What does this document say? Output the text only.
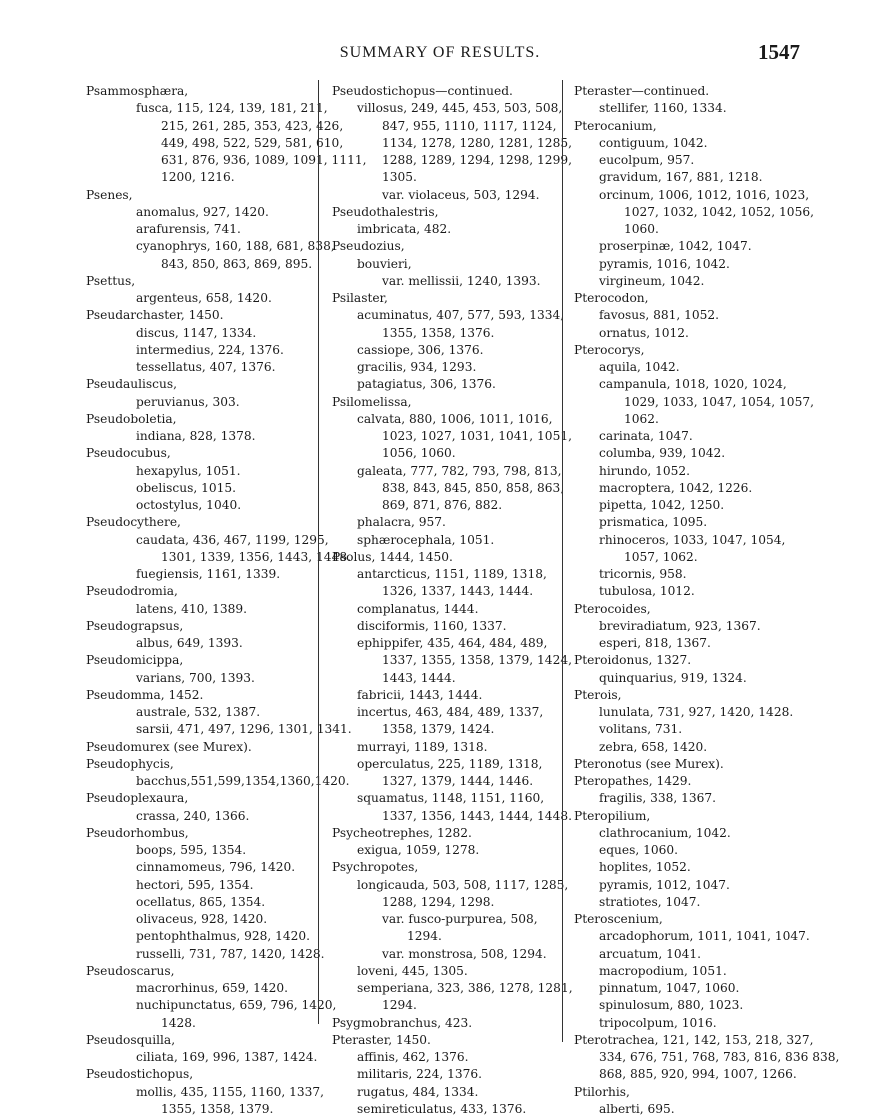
SUMMARY OF RESULTS.	1547
Psammosphæra,
fusca, 115, 124, 139, 181, 211,
215, 261, 285, 353, 423, 426,
449, 498, 522, 529, 581, 610,
631, 876, 936, 1089, 1091, 1111,
1200, 1216.
Psenes,
anomalus, 927, 1420.
arafurensis, 741.
cyanophrys, 160, 188, 681, 838,
843, 850, 863, 869, 895.
Psettus,
argenteus, 658, 1420.
Pseudarchaster, 1450.
discus, 1147, 1334.
intermedius, 224, 1376.
tessellatus, 407, 1376.
Pseudauliscus,
peruvianus, 303.
Pseudoboletia,
indiana, 828, 1378.
Pseudocubus,
hexapylus, 1051.
obeliscus, 1015.
octostylus, 1040.
Pseudocythere,
caudata, 436, 467, 1199, 1295,
1301, 1339, 1356, 1443, 1448.
fuegiensis, 1161, 1339.
Pseudodromia,
latens, 410, 1389.
Pseudograpsus,
albus, 649, 1393.
Pseudomicippa,
varians, 700, 1393.
Pseudomma, 1452.
australe, 532, 1387.
sarsii, 471, 497, 1296, 1301, 1341.
Pseudomurex (see Murex).
Pseudophycis,
bacchus,551,599,1354,1360,1420.
Pseudoplexaura,
crassa, 240, 1366.
Pseudorhombus,
boops, 595, 1354.
cinnamomeus, 796, 1420.
hectori, 595, 1354.
ocellatus, 865, 1354.
olivaceus, 928, 1420.
pentophthalmus, 928, 1420.
russelli, 731, 787, 1420, 1428.
Pseudoscarus,
macrorhinus, 659, 1420.
nuchipunctatus, 659, 796, 1420,
1428.
Pseudosquilla,
ciliata, 169, 996, 1387, 1424.
Pseudostichopus,
mollis, 435, 1155, 1160, 1337,
1355, 1358, 1379.
Pseudostichopus—continued.
villosus, 249, 445, 453, 503, 508,
847, 955, 1110, 1117, 1124,
1134, 1278, 1280, 1281, 1285,
1288, 1289, 1294, 1298, 1299,
1305.
var. violaceus, 503, 1294.
Pseudothalestris,
imbricata, 482.
Pseudozius,
bouvieri,
var. mellissii, 1240, 1393.
Psilaster,
acuminatus, 407, 577, 593, 1334,
1355, 1358, 1376.
cassiope, 306, 1376.
gracilis, 934, 1293.
patagiatus, 306, 1376.
Psilomelissa,
calvata, 880, 1006, 1011, 1016,
1023, 1027, 1031, 1041, 1051,
1056, 1060.
galeata, 777, 782, 793, 798, 813,
838, 843, 845, 850, 858, 863,
869, 871, 876, 882.
phalacra, 957.
sphærocephala, 1051.
Psolus, 1444, 1450.
antarcticus, 1151, 1189, 1318,
1326, 1337, 1443, 1444.
complanatus, 1444.
disciformis, 1160, 1337.
ephippifer, 435, 464, 484, 489,
1337, 1355, 1358, 1379, 1424,
1443, 1444.
fabricii, 1443, 1444.
incertus, 463, 484, 489, 1337,
1358, 1379, 1424.
murrayi, 1189, 1318.
operculatus, 225, 1189, 1318,
1327, 1379, 1444, 1446.
squamatus, 1148, 1151, 1160,
1337, 1356, 1443, 1444, 1448.
Psycheotrephes, 1282.
exigua, 1059, 1278.
Psychropotes,
longicauda, 503, 508, 1117, 1285,
1288, 1294, 1298.
var. fusco-purpurea, 508,
1294.
var. monstrosa, 508, 1294.
loveni, 445, 1305.
semperiana, 323, 386, 1278, 1281,
1294.
Psygmobranchus, 423.
Pteraster, 1450.
affinis, 462, 1376.
militaris, 224, 1376.
rugatus, 484, 1334.
semireticulatus, 433, 1376.
Pteraster—continued.
stellifer, 1160, 1334.
Pterocanium,
contiguum, 1042.
eucolpum, 957.
gravidum, 167, 881, 1218.
orcinum, 1006, 1012, 1016, 1023,
1027, 1032, 1042, 1052, 1056,
1060.
proserpinæ, 1042, 1047.
pyramis, 1016, 1042.
virgineum, 1042.
Pterocodon,
favosus, 881, 1052.
ornatus, 1012.
Pterocorys,
aquila, 1042.
campanula, 1018, 1020, 1024,
1029, 1033, 1047, 1054, 1057,
1062.
carinata, 1047.
columba, 939, 1042.
hirundo, 1052.
macroptera, 1042, 1226.
pipetta, 1042, 1250.
prismatica, 1095.
rhinoceros, 1033, 1047, 1054,
1057, 1062.
tricornis, 958.
tubulosa, 1012.
Pterocoides,
breviradiatum, 923, 1367.
esperi, 818, 1367.
Pteroidonus, 1327.
quinquarius, 919, 1324.
Pterois,
lunulata, 731, 927, 1420, 1428.
volitans, 731.
zebra, 658, 1420.
Pteronotus (see Murex).
Pteropathes, 1429.
fragilis, 338, 1367.
Pteropilium,
clathrocanium, 1042.
eques, 1060.
hoplites, 1052.
pyramis, 1012, 1047.
stratiotes, 1047.
Pteroscenium,
arcadophorum, 1011, 1041, 1047.
arcuatum, 1041.
macropodium, 1051.
pinnatum, 1047, 1060.
spinulosum, 880, 1023.
tripocolpum, 1016.
Pterotrachea, 121, 142, 153, 218, 327,
334, 676, 751, 768, 783, 816, 836 838,
868, 885, 920, 994, 1007, 1266.
Ptilorhis,
alberti, 695.
